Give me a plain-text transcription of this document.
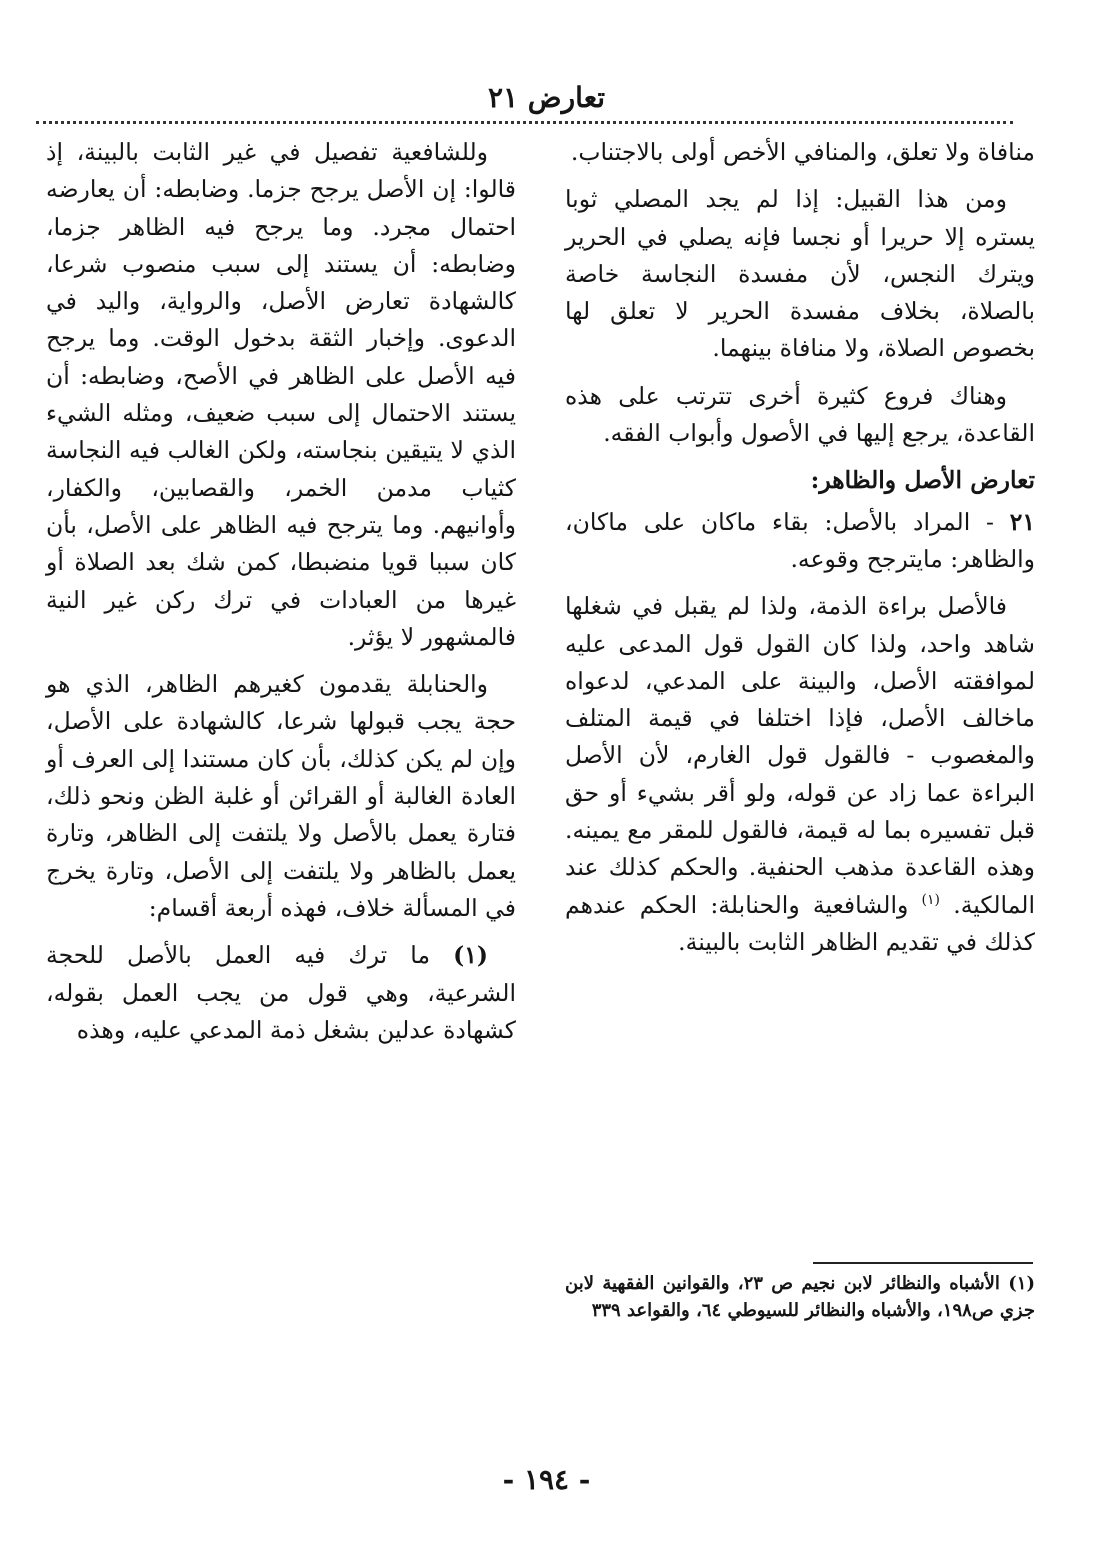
تعارض ٢١

منافاة ولا تعلق، والمنافي الأخص أولى بالاجتناب.

ومن هذا القبيل: إذا لم يجد المصلي ثوبا يستره إلا حريرا أو نجسا فإنه يصلي في الحرير ويترك النجس، لأن مفسدة النجاسة خاصة بالصلاة، بخلاف مفسدة الحرير لا تعلق لها بخصوص الصلاة، ولا منافاة بينهما.

وهناك فروع كثيرة أخرى تترتب على هذه القاعدة، يرجع إليها في الأصول وأبواب الفقه.

تعارض الأصل والظاهر:

٢١ - المراد بالأصل: بقاء ماكان على ماكان، والظاهر: مايترجح وقوعه.

فالأصل براءة الذمة، ولذا لم يقبل في شغلها شاهد واحد، ولذا كان القول قول المدعى عليه لموافقته الأصل، والبينة على المدعي، لدعواه ماخالف الأصل، فإذا اختلفا في قيمة المتلف والمغصوب - فالقول قول الغارم، لأن الأصل البراءة عما زاد عن قوله، ولو أقر بشيء أو حق قبل تفسيره بما له قيمة، فالقول للمقر مع يمينه. وهذه القاعدة مذهب الحنفية. والحكم كذلك عند المالكية. $^{(١)}$ والشافعية والحنابلة: الحكم عندهم كذلك في تقديم الظاهر الثابت بالبينة.

وللشافعية تفصيل في غير الثابت بالبينة، إذ قالوا: إن الأصل يرجح جزما. وضابطه: أن يعارضه احتمال مجرد. وما يرجح فيه الظاهر جزما، وضابطه: أن يستند إلى سبب منصوب شرعا، كالشهادة تعارض الأصل، والرواية، واليد في الدعوى. وإخبار الثقة بدخول الوقت. وما يرجح فيه الأصل على الظاهر في الأصح، وضابطه: أن يستند الاحتمال إلى سبب ضعيف، ومثله الشيء الذي لا يتيقين بنجاسته، ولكن الغالب فيه النجاسة كثياب مدمن الخمر، والقصابين، والكفار، وأوانيهم. وما يترجح فيه الظاهر على الأصل، بأن كان سببا قويا منضبطا، كمن شك بعد الصلاة أو غيرها من العبادات في ترك ركن غير النية فالمشهور لا يؤثر.

والحنابلة يقدمون كغيرهم الظاهر، الذي هو حجة يجب قبولها شرعا، كالشهادة على الأصل، وإن لم يكن كذلك، بأن كان مستندا إلى العرف أو العادة الغالبة أو القرائن أو غلبة الظن ونحو ذلك، فتارة يعمل بالأصل ولا يلتفت إلى الظاهر، وتارة يعمل بالظاهر ولا يلتفت إلى الأصل، وتارة يخرج في المسألة خلاف، فهذه أربعة أقسام:

(١) ما ترك فيه العمل بالأصل للحجة الشرعية، وهي قول من يجب العمل بقوله، كشهادة عدلين بشغل ذمة المدعي عليه، وهذه

(١) الأشباه والنظائر لابن نجيم ص ٢٣، والقوانين الفقهية لابن جزي ص١٩٨، والأشباه والنظائر للسيوطي ٦٤، والقواعد ٣٣٩
- ١٩٤ -
